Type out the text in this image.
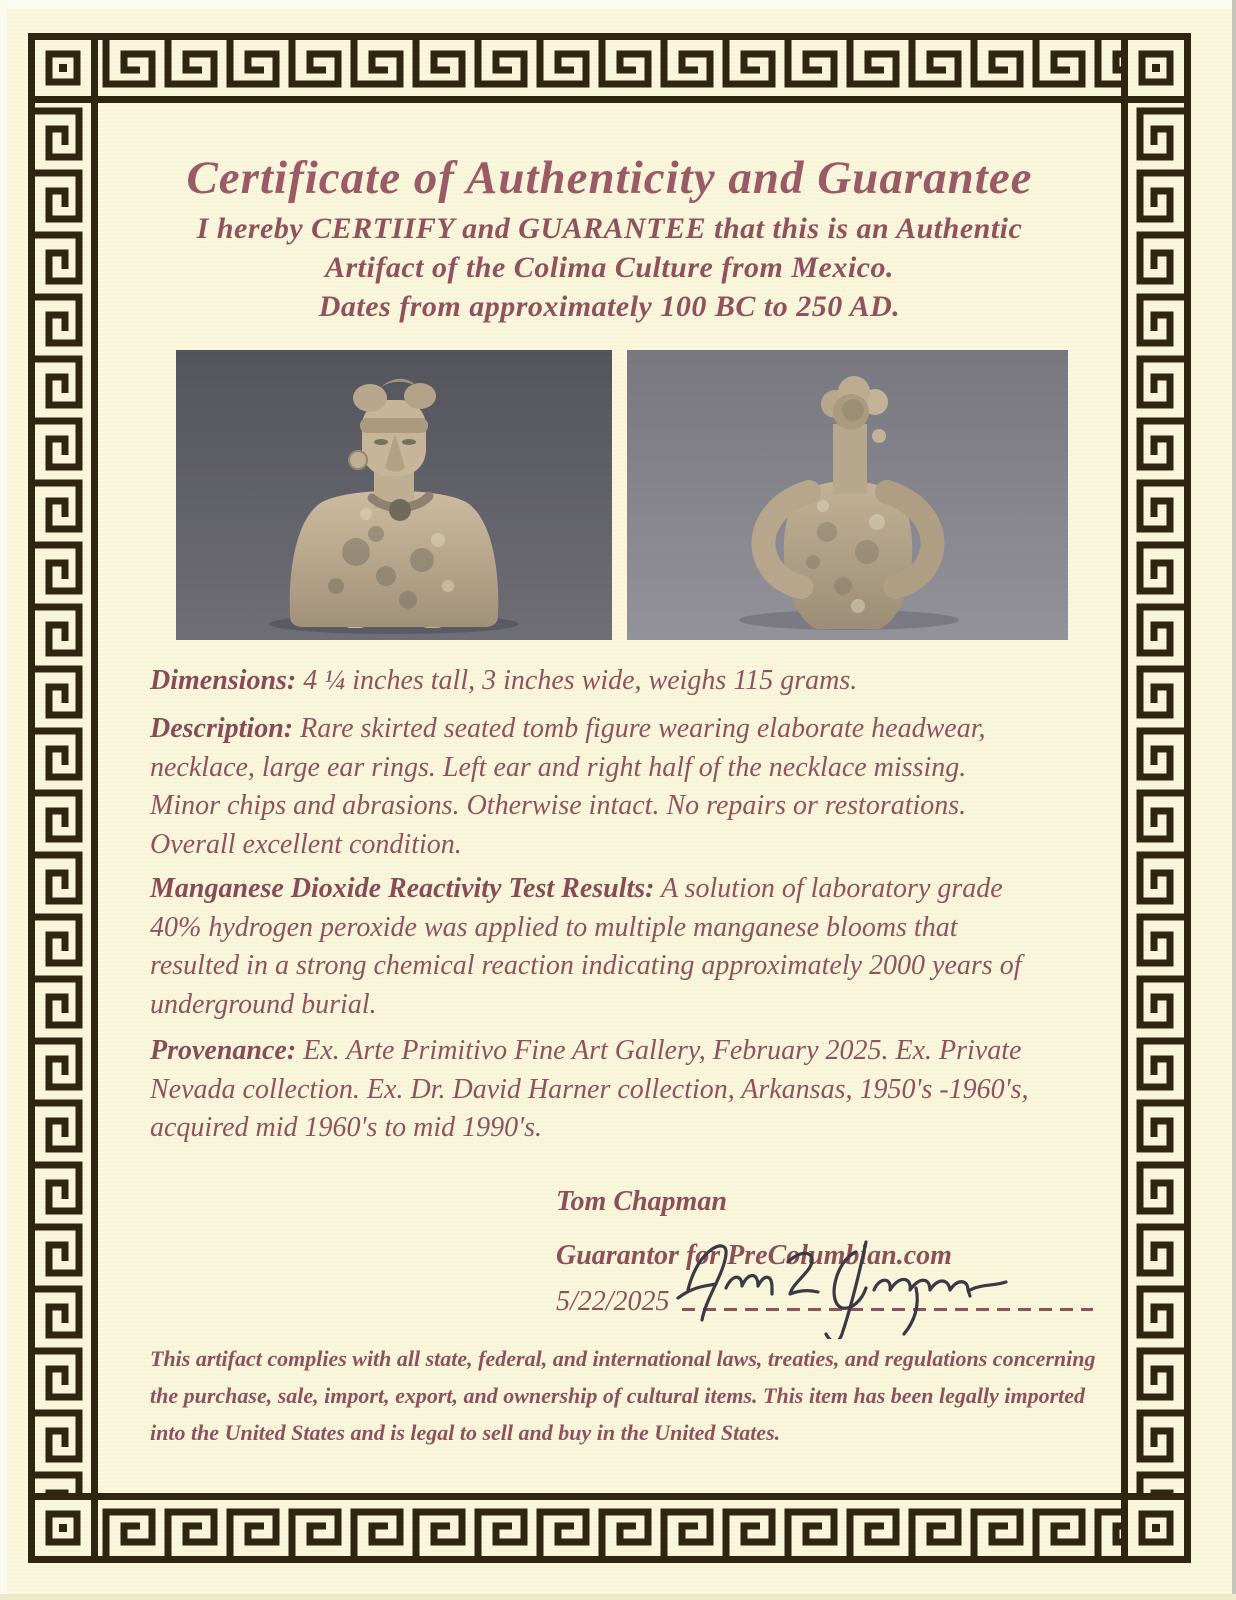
Certificate of Authenticity and Guarantee
I hereby CERTIIFY and GUARANTEE that this is an Authentic
Artifact of the Colima Culture from Mexico.
Dates from approximately 100 BC to 250 AD.

Dimensions: 4 ¼ inches tall, 3 inches wide, weighs 115 grams.

Description: Rare skirted seated tomb figure wearing elaborate headwear, necklace, large ear rings. Left ear and right half of the necklace missing. Minor chips and abrasions. Otherwise intact. No repairs or restorations. Overall excellent condition.

Manganese Dioxide Reactivity Test Results: A solution of laboratory grade 40% hydrogen peroxide was applied to multiple manganese blooms that resulted in a strong chemical reaction indicating approximately 2000 years of underground burial.

Provenance: Ex. Arte Primitivo Fine Art Gallery, February 2025. Ex. Private Nevada collection. Ex. Dr. David Harner collection, Arkansas, 1950's -1960's, acquired mid 1960's to mid 1990's.

Tom Chapman
Guarantor for PreColumbian.com
5/22/2025

This artifact complies with all state, federal, and international laws, treaties, and regulations concerning the purchase, sale, import, export, and ownership of cultural items. This item has been legally imported into the United States and is legal to sell and buy in the United States.
